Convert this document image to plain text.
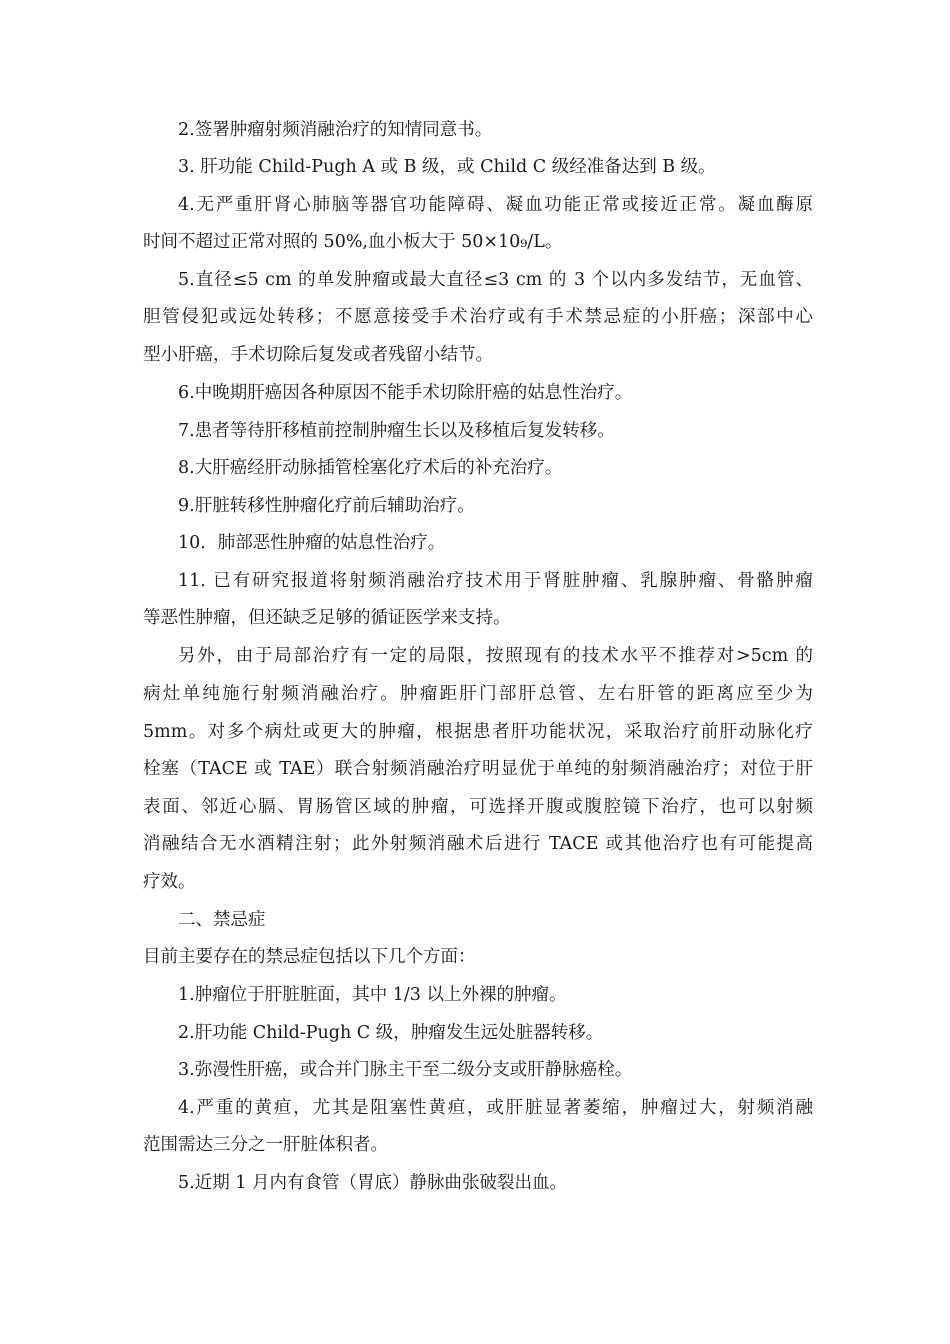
2.签署肿瘤射频消融治疗的知情同意书。
3. 肝功能 Child-Pugh A 或 B 级，或 Child C 级经准备达到 B 级。
4.无严重肝肾心肺脑等器官功能障碍、凝血功能正常或接近正常。凝血酶原
时间不超过正常对照的 50%,血小板大于 50×10₉/L。
5.直径≤5 cm 的单发肿瘤或最大直径≤3 cm 的 3 个以内多发结节，无血管、
胆管侵犯或远处转移；不愿意接受手术治疗或有手术禁忌症的小肝癌；深部中心
型小肝癌，手术切除后复发或者残留小结节。
6.中晚期肝癌因各种原因不能手术切除肝癌的姑息性治疗。
7.患者等待肝移植前控制肿瘤生长以及移植后复发转移。
8.大肝癌经肝动脉插管栓塞化疗术后的补充治疗。
9.肝脏转移性肿瘤化疗前后辅助治疗。
10．肺部恶性肿瘤的姑息性治疗。
11. 已有研究报道将射频消融治疗技术用于肾脏肿瘤、乳腺肿瘤、骨骼肿瘤
等恶性肿瘤，但还缺乏足够的循证医学来支持。
另外，由于局部治疗有一定的局限，按照现有的技术水平不推荐对>5cm 的
病灶单纯施行射频消融治疗。肿瘤距肝门部肝总管、左右肝管的距离应至少为
5mm。对多个病灶或更大的肿瘤，根据患者肝功能状况，采取治疗前肝动脉化疗
栓塞（TACE 或 TAE）联合射频消融治疗明显优于单纯的射频消融治疗；对位于肝
表面、邻近心膈、胃肠管区域的肿瘤，可选择开腹或腹腔镜下治疗，也可以射频
消融结合无水酒精注射；此外射频消融术后进行 TACE 或其他治疗也有可能提高
疗效。
二、禁忌症
目前主要存在的禁忌症包括以下几个方面：
1.肿瘤位于肝脏脏面，其中 1/3 以上外裸的肿瘤。
2.肝功能 Child-Pugh C 级，肿瘤发生远处脏器转移。
3.弥漫性肝癌，或合并门脉主干至二级分支或肝静脉癌栓。
4.严重的黄疸，尤其是阻塞性黄疸，或肝脏显著萎缩，肿瘤过大，射频消融
范围需达三分之一肝脏体积者。
5.近期 1 月内有食管（胃底）静脉曲张破裂出血。
